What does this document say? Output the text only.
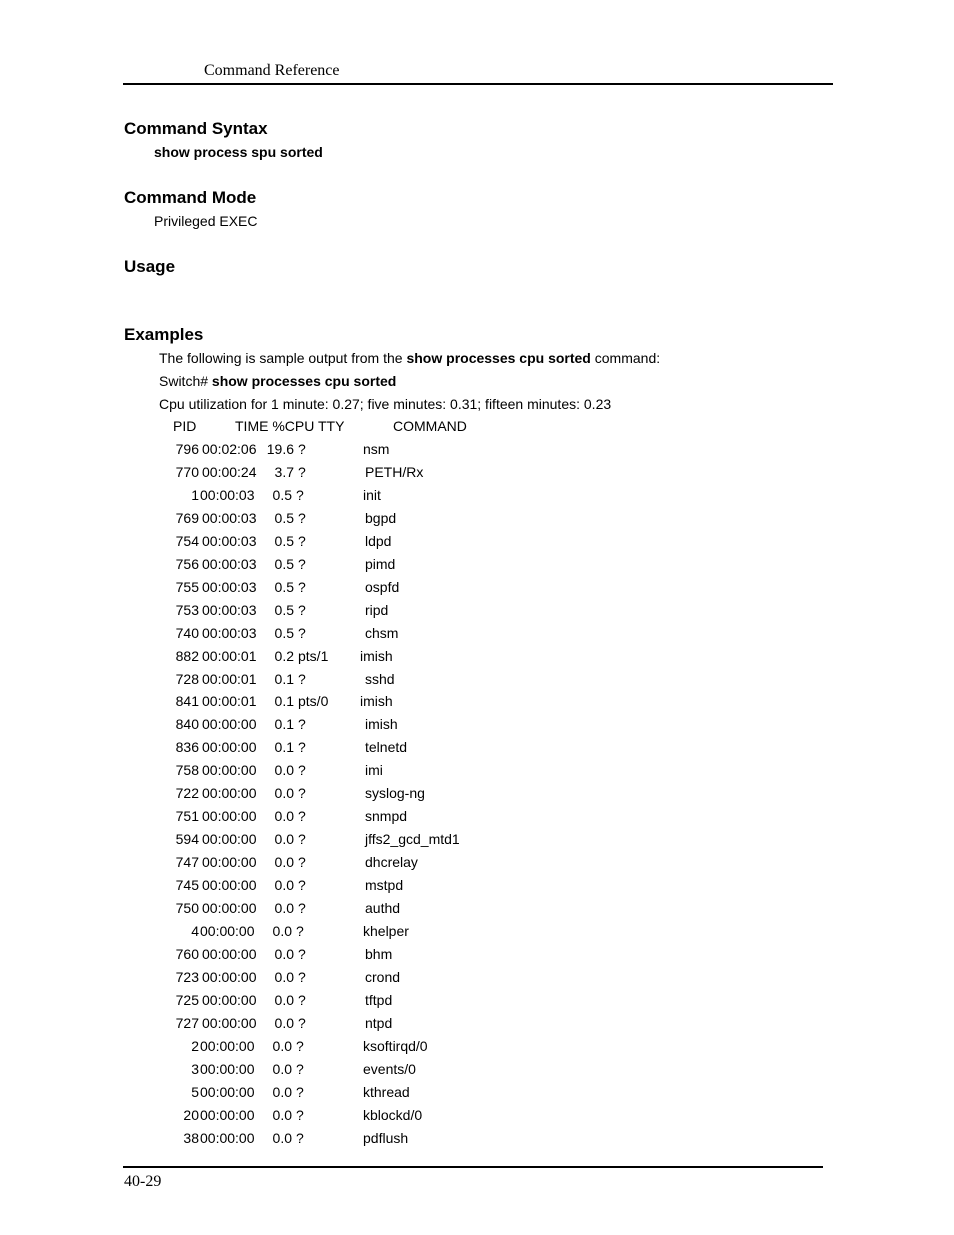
Command Reference
Command Syntax
show process spu sorted
Command Mode
Privileged EXEC
Usage
Examples
The following is sample output from the show processes cpu sorted command:
Switch# show processes cpu sorted
Cpu utilization for 1 minute: 0.27; five minutes: 0.31; fifteen minutes: 0.23
PID	TIME %CPU TTY	COMMAND
796 00:02:06 19.6 ?	nsm
770 00:00:24 3.7 ?	PETH/Rx
1 00:00:03 0.5 ?	init
769 00:00:03 0.5 ?	bgpd
754 00:00:03 0.5 ?	ldpd
756 00:00:03 0.5 ?	pimd
755 00:00:03 0.5 ?	ospfd
753 00:00:03 0.5 ?	ripd
740 00:00:03 0.5 ?	chsm
882 00:00:01 0.2 pts/1 imish
728 00:00:01 0.1 ?	sshd
841 00:00:01 0.1 pts/0 imish
840 00:00:00 0.1 ?	imish
836 00:00:00 0.1 ?	telnetd
758 00:00:00 0.0 ?	imi
722 00:00:00 0.0 ?	syslog-ng
751 00:00:00 0.0 ?	snmpd
594 00:00:00 0.0 ?	jffs2_gcd_mtd1
747 00:00:00 0.0 ?	dhcrelay
745 00:00:00 0.0 ?	mstpd
750 00:00:00 0.0 ?	authd
4 00:00:00 0.0 ?	khelper
760 00:00:00 0.0 ?	bhm
723 00:00:00 0.0 ?	crond
725 00:00:00 0.0 ?	tftpd
727 00:00:00 0.0 ?	ntpd
2 00:00:00 0.0 ?	ksoftirqd/0
3 00:00:00 0.0 ?	events/0
5 00:00:00 0.0 ?	kthread
20 00:00:00 0.0 ?	kblockd/0
38 00:00:00 0.0 ?	pdflush
40-29
